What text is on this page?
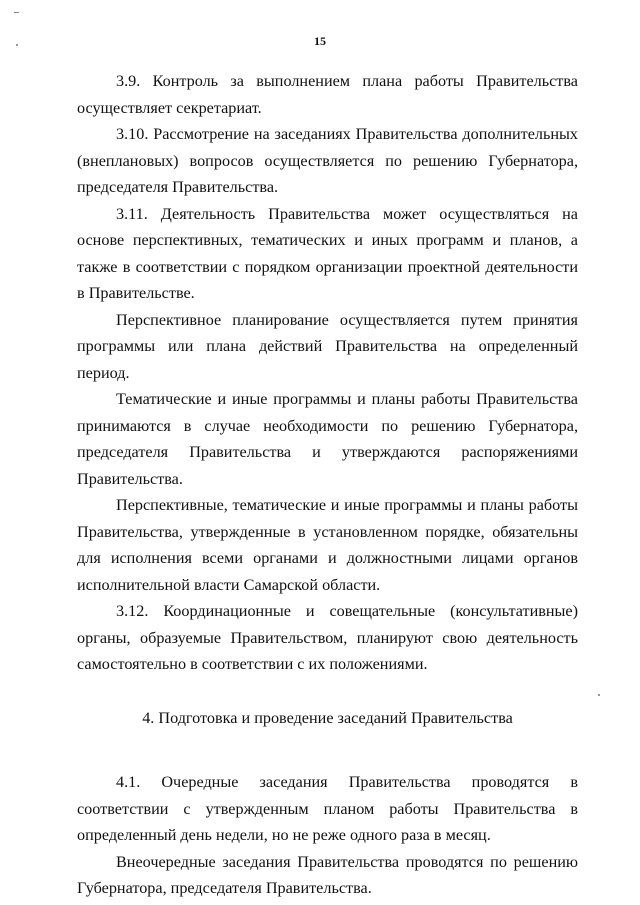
15

3.9. Контроль за выполнением плана работы Правительства осуществляет секретариат.

3.10. Рассмотрение на заседаниях Правительства дополнительных (внеплановых) вопросов осуществляется по решению Губернатора, председателя Правительства.

3.11. Деятельность Правительства может осуществляться на основе перспективных, тематических и иных программ и планов, а также в соответствии с порядком организации проектной деятельности в Правительстве.

Перспективное планирование осуществляется путем принятия программы или плана действий Правительства на определенный период.

Тематические и иные программы и планы работы Правительства принимаются в случае необходимости по решению Губернатора, председателя Правительства и утверждаются распоряжениями Правительства.

Перспективные, тематические и иные программы и планы работы Правительства, утвержденные в установленном порядке, обязательны для исполнения всеми органами и должностными лицами органов исполнительной власти Самарской области.

3.12. Координационные и совещательные (консультативные) органы, образуемые Правительством, планируют свою деятельность самостоятельно в соответствии с их положениями.

4. Подготовка и проведение заседаний Правительства

4.1. Очередные заседания Правительства проводятся в соответствии с утвержденным планом работы Правительства в определенный день недели, но не реже одного раза в месяц.

Внеочередные заседания Правительства проводятся по решению Губернатора, председателя Правительства.
